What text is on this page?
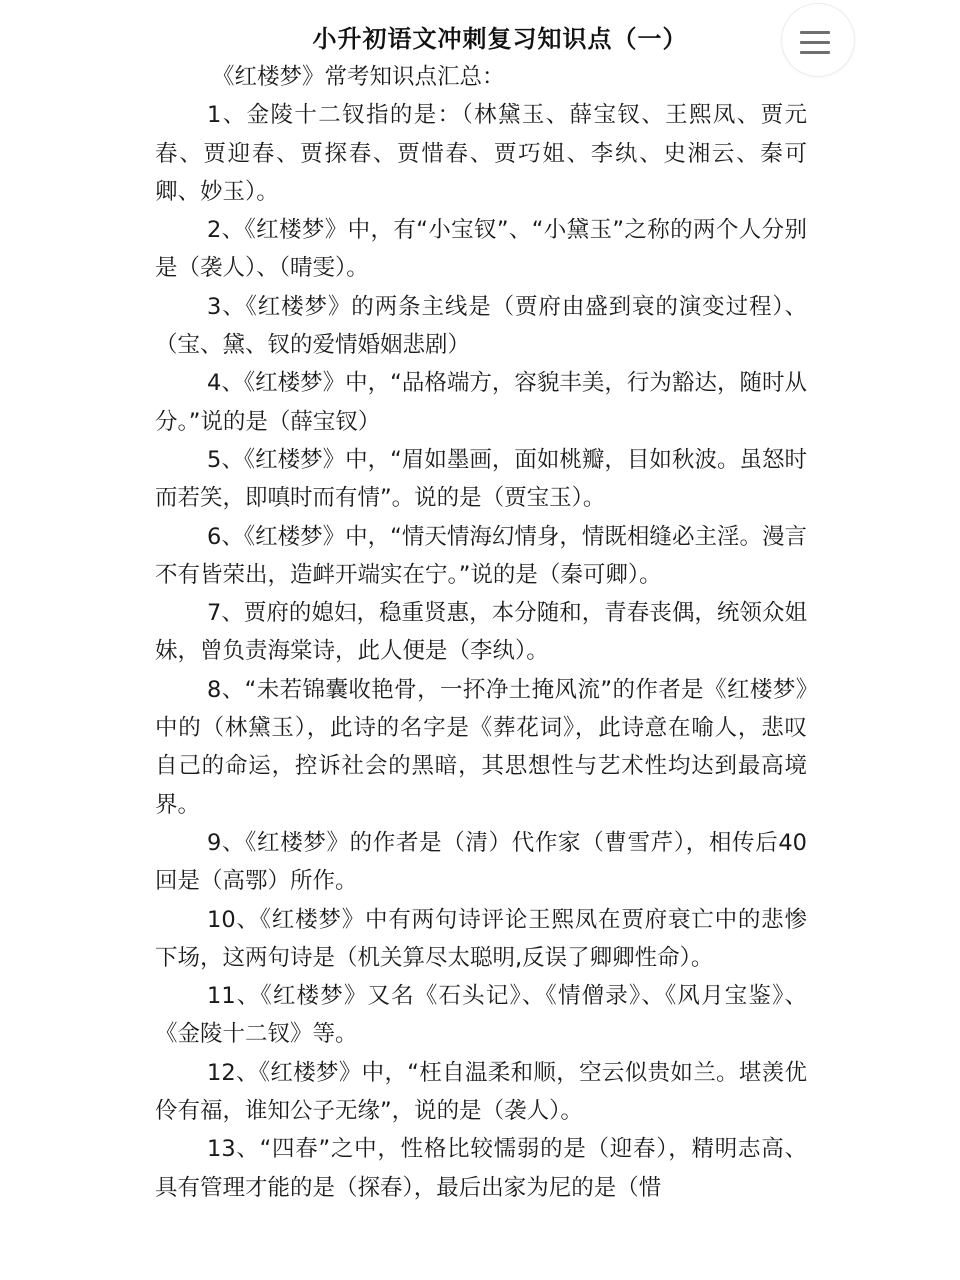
小升初语文冲刺复习知识点（一）

《红楼梦》常考知识点汇总：

1、金陵十二钗指的是：（林黛玉、薛宝钗、王熙凤、贾元春、贾迎春、贾探春、贾惜春、贾巧姐、李纨、史湘云、秦可卿、妙玉）。

2、《红楼梦》中，有“小宝钗”、“小黛玉”之称的两个人分别是（袭人）、（晴雯）。

3、《红楼梦》的两条主线是（贾府由盛到衰的演变过程）、（宝、黛、钗的爱情婚姻悲剧）

4、《红楼梦》中，“品格端方，容貌丰美，行为豁达，随时从分。”说的是（薛宝钗）

5、《红楼梦》中，“眉如墨画，面如桃瓣，目如秋波。虽怒时而若笑，即嗔时而有情”。说的是（贾宝玉）。

6、《红楼梦》中，“情天情海幻情身，情既相缝必主淫。漫言不有皆荣出，造衅开端实在宁。”说的是（秦可卿）。

7、贾府的媳妇，稳重贤惠，本分随和，青春丧偶，统领众姐妹，曾负责海棠诗，此人便是（李纨）。

8、“未若锦囊收艳骨，一抔净土掩风流”的作者是《红楼梦》中的（林黛玉），此诗的名字是《葬花词》，此诗意在喻人，悲叹自己的命运，控诉社会的黑暗，其思想性与艺术性均达到最高境界。

9、《红楼梦》的作者是（清）代作家（曹雪芹），相传后40回是（高鄂）所作。

10、《红楼梦》中有两句诗评论王熙凤在贾府衰亡中的悲惨下场，这两句诗是（机关算尽太聪明,反误了卿卿性命）。

11、《红楼梦》又名《石头记》、《情僧录》、《风月宝鉴》、《金陵十二钗》等。

12、《红楼梦》中，“枉自温柔和顺，空云似贵如兰。堪羡优伶有福，谁知公子无缘”，说的是（袭人）。

13、“四春”之中，性格比较懦弱的是（迎春），精明志高、具有管理才能的是（探春），最后出家为尼的是（惜
